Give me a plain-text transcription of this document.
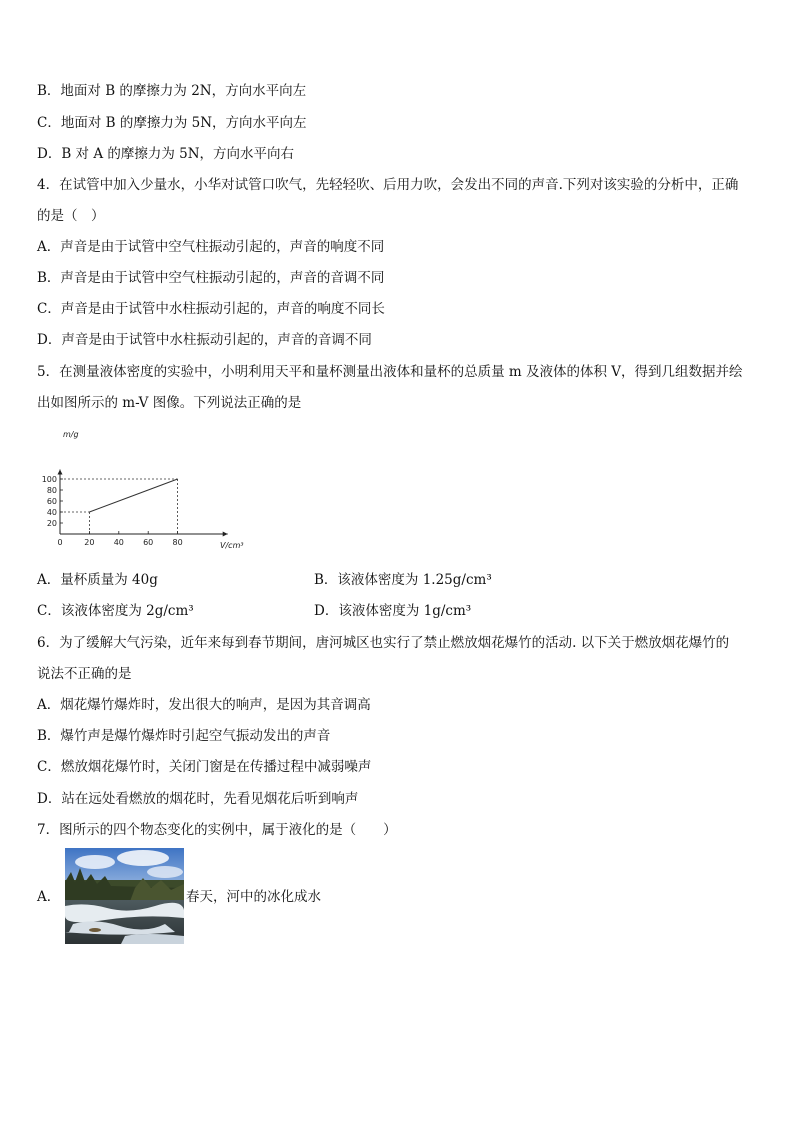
B．地面对 B 的摩擦力为 2N，方向水平向左
C．地面对 B 的摩擦力为 5N，方向水平向左
D．B 对 A 的摩擦力为 5N，方向水平向右
4．在试管中加入少量水，小华对试管口吹气，先轻轻吹、后用力吹，会发出不同的声音.下列对该实验的分析中，正确
的是（　）
A．声音是由于试管中空气柱振动引起的，声音的响度不同
B．声音是由于试管中空气柱振动引起的，声音的音调不同
C．声音是由于试管中水柱振动引起的，声音的响度不同长
D．声音是由于试管中水柱振动引起的，声音的音调不同
5．在测量液体密度的实验中，小明利用天平和量杯测量出液体和量杯的总质量 m 及液体的体积 V，得到几组数据并绘
出如图所示的 m-V 图像。下列说法正确的是
0	20 40 60 80
20
40
60
80
100
m/g
V/cm³
A．量杯质量为 40g	B．该液体密度为 1.25g/cm³
C．该液体密度为 2g/cm³	D．该液体密度为 1g/cm³
6．为了缓解大气污染，近年来每到春节期间，唐河城区也实行了禁止燃放烟花爆竹的活动. 以下关于燃放烟花爆竹的
说法不正确的是
A．烟花爆竹爆炸时，发出很大的响声，是因为其音调高
B．爆竹声是爆竹爆炸时引起空气振动发出的声音
C．燃放烟花爆竹时，关闭门窗是在传播过程中减弱噪声
D．站在远处看燃放的烟花时，先看见烟花后听到响声
7．图所示的四个物态变化的实例中，属于液化的是（　　）
A．	春天，河中的冰化成水
